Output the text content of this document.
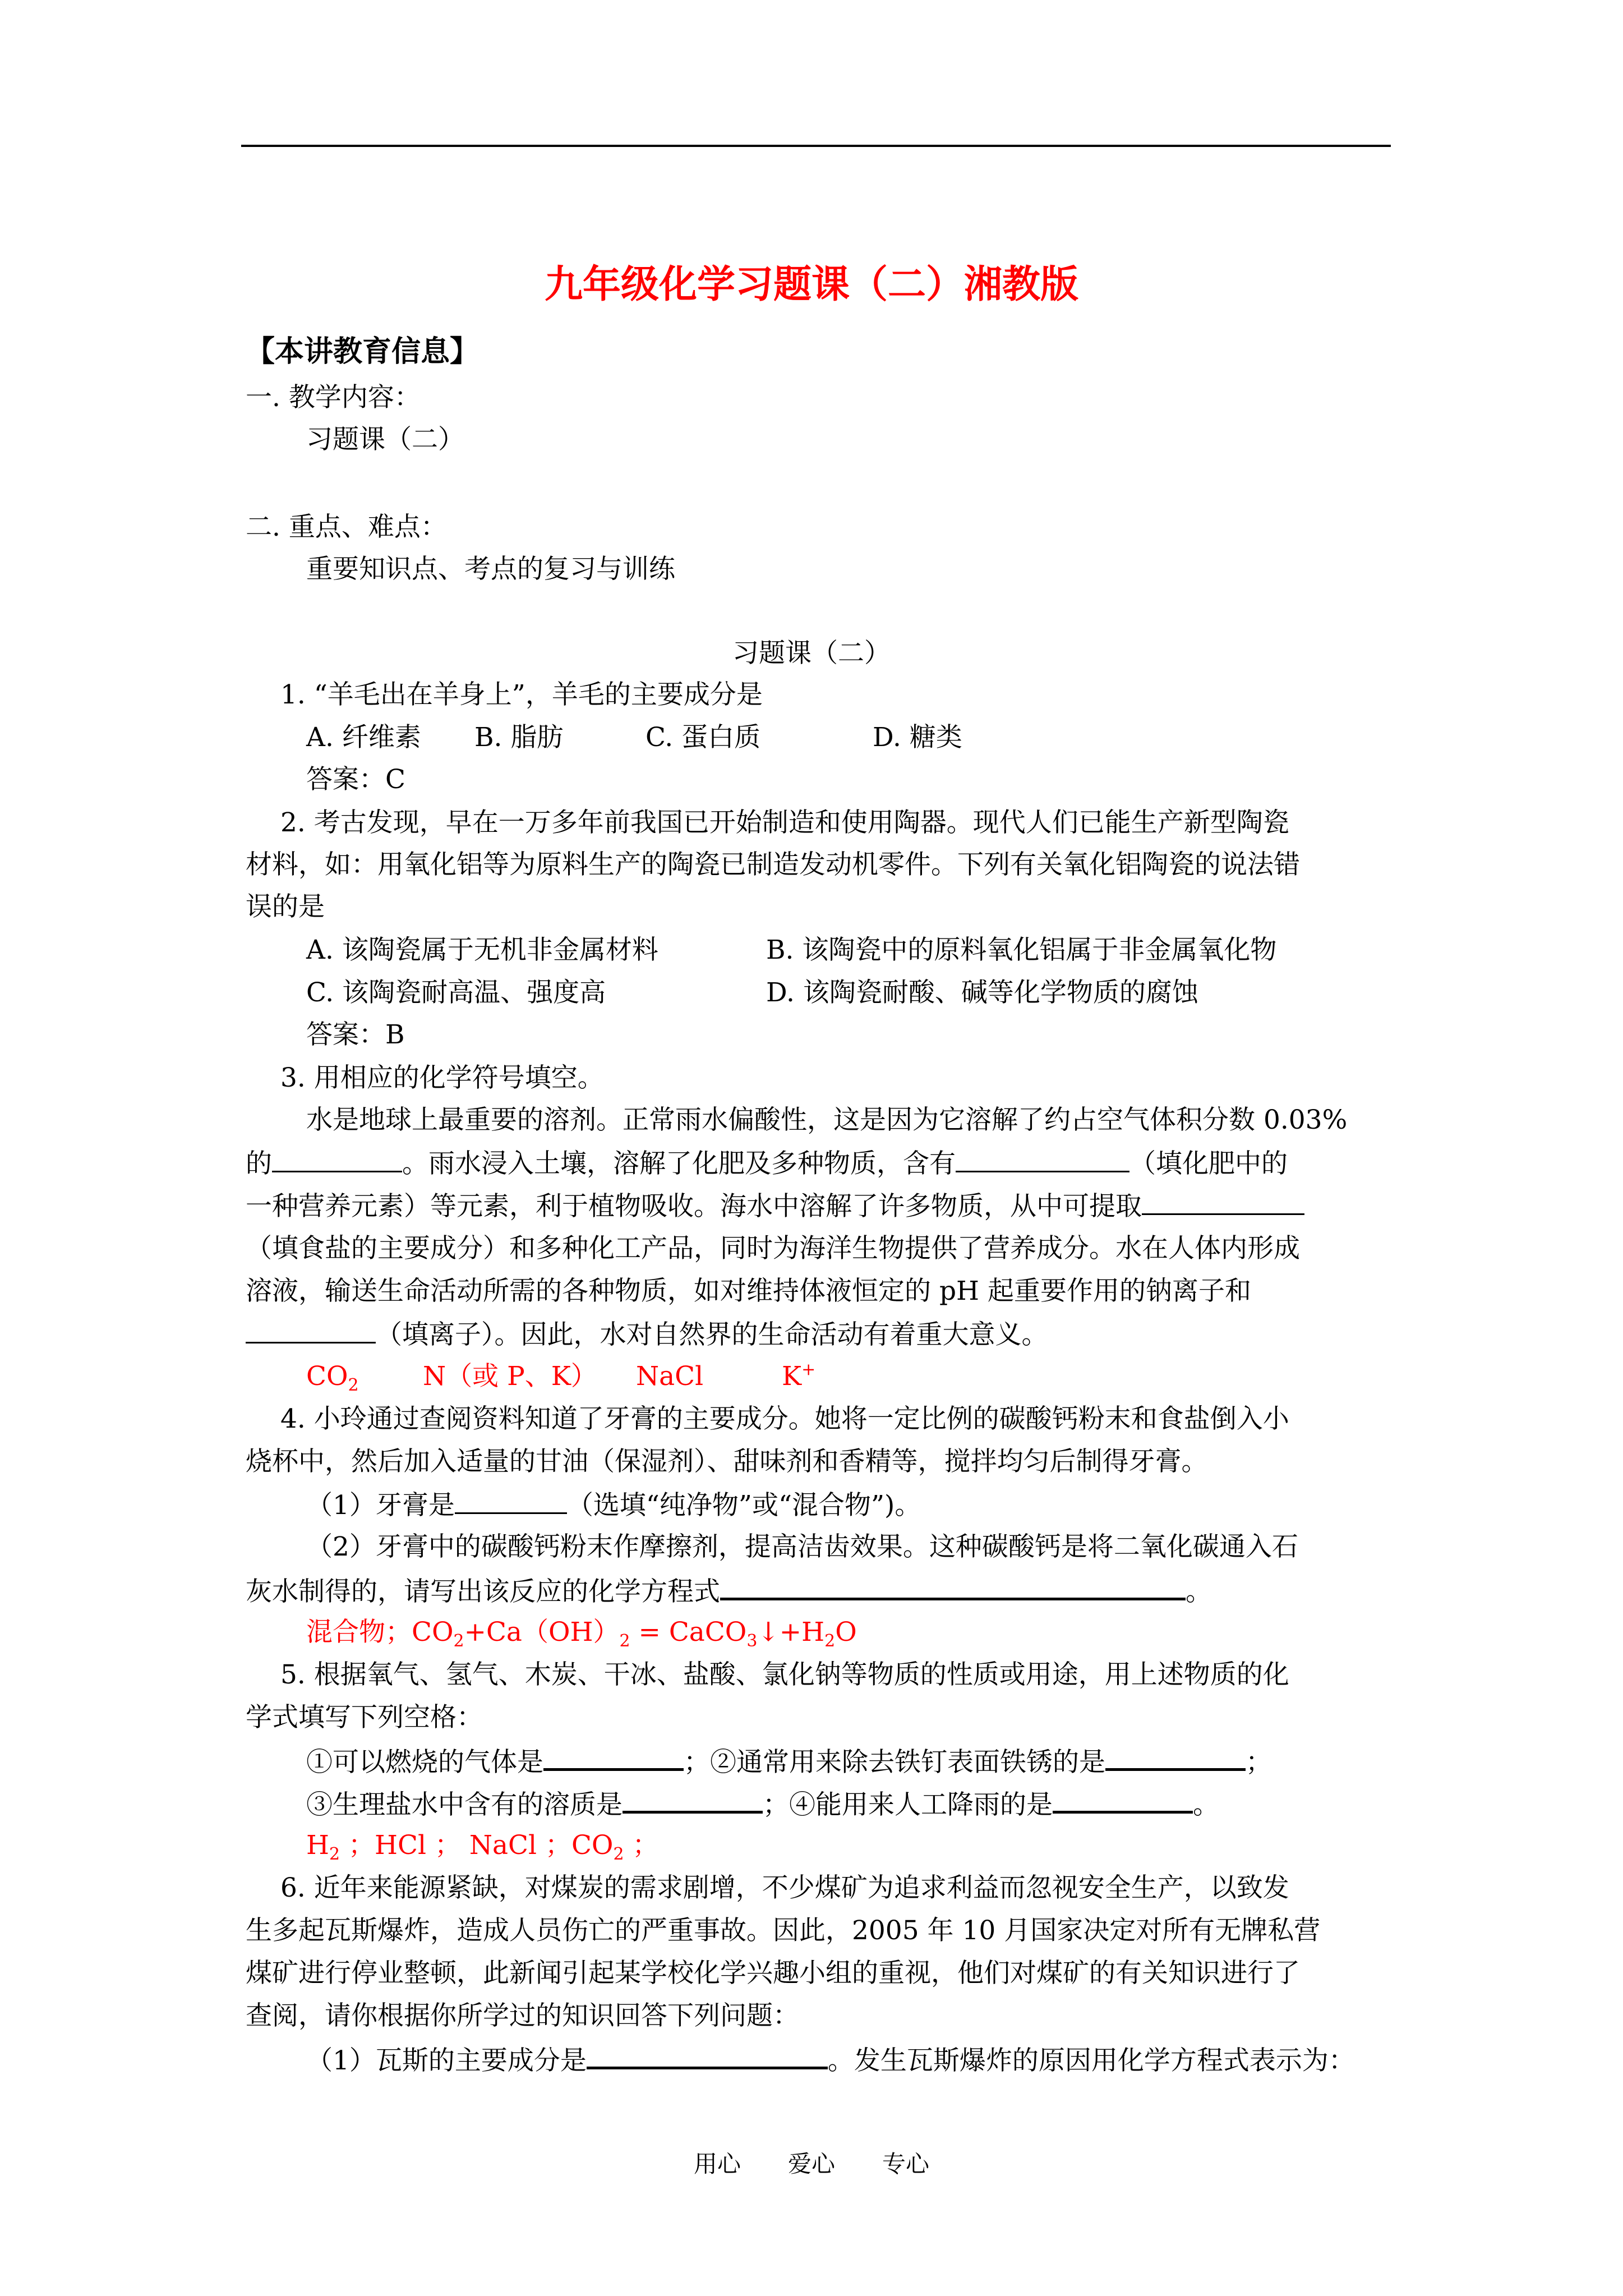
九年级化学习题课（二）湘教版
【本讲教育信息】
一. 教学内容：
习题课（二）
二. 重点、难点：
重要知识点、考点的复习与训练
习题课（二）
1. “羊毛出在羊身上”，羊毛的主要成分是
A. 纤维素 B. 脂肪	C. 蛋白质	D. 糖类
答案：C
2. 考古发现，早在一万多年前我国已开始制造和使用陶器。现代人们已能生产新型陶瓷
材料，如：用氧化铝等为原料生产的陶瓷已制造发动机零件。下列有关氧化铝陶瓷的说法错
误的是
A. 该陶瓷属于无机非金属材料	B. 该陶瓷中的原料氧化铝属于非金属氧化物
C. 该陶瓷耐高温、强度高	D. 该陶瓷耐酸、碱等化学物质的腐蚀
答案：B
3. 用相应的化学符号填空。
水是地球上最重要的溶剂。正常雨水偏酸性，这是因为它溶解了约占空气体积分数 0.03%
的	。雨水浸入土壤，溶解了化肥及多种物质，含有	（填化肥中的
一种营养元素）等元素，利于植物吸收。海水中溶解了许多物质，从中可提取
（填食盐的主要成分）和多种化工产品，同时为海洋生物提供了营养成分。水在人体内形成
溶液，输送生命活动所需的各种物质，如对维持体液恒定的 pH 起重要作用的钠离子和
（填离子）。因此，水对自然界的生命活动有着重大意义。
$CO_2$ N（或 P、K） NaCl	K+
4. 小玲通过查阅资料知道了牙膏的主要成分。她将一定比例的碳酸钙粉末和食盐倒入小
烧杯中，然后加入适量的甘油（保湿剂）、甜味剂和香精等，搅拌均匀后制得牙膏。
（1）牙膏是	（选填“纯净物”或“混合物”)。
（2）牙膏中的碳酸钙粉末作摩擦剂，提高洁齿效果。这种碳酸钙是将二氧化碳通入石
灰水制得的，请写出该反应的化学方程式	。
混合物；$CO_2+Ca(OH)_2$ = $CaCO_3↓+H_2O$
5. 根据氧气、氢气、木炭、干冰、盐酸、氯化钠等物质的性质或用途，用上述物质的化
学式填写下列空格：
①可以燃烧的气体是	；②通常用来除去铁钉表面铁锈的是	；
③生理盐水中含有的溶质是	；④能用来人工降雨的是	。
$H_2$ ；HCl ； NaCl ；$CO_2$ ；
6. 近年来能源紧缺，对煤炭的需求剧增，不少煤矿为追求利益而忽视安全生产，以致发
生多起瓦斯爆炸，造成人员伤亡的严重事故。因此，2005 年 10 月国家决定对所有无牌私营
煤矿进行停业整顿，此新闻引起某学校化学兴趣小组的重视，他们对煤矿的有关知识进行了
查阅，请你根据你所学过的知识回答下列问题：
（1）瓦斯的主要成分是	。发生瓦斯爆炸的原因用化学方程式表示为：
用心　　爱心　　专心
